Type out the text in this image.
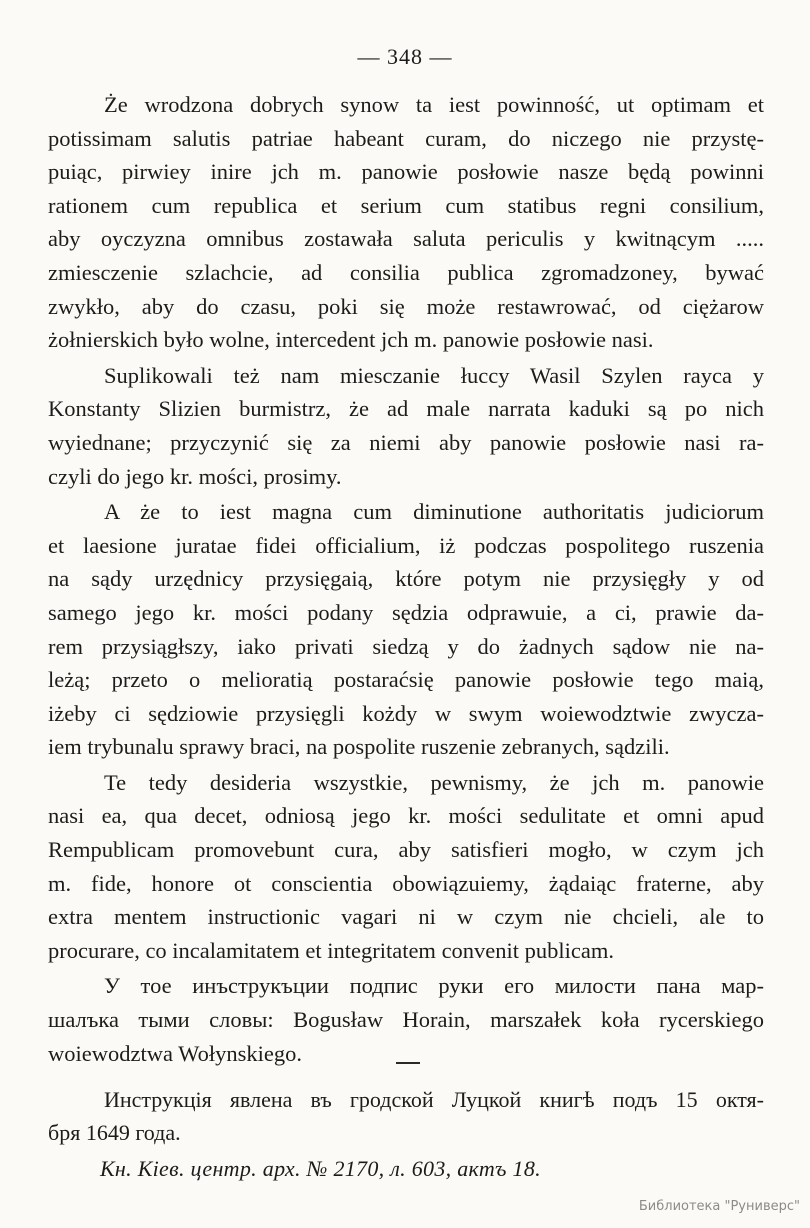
— 348 —
Że wrodzona dobrych synow ta iest powinność, ut optimam et
potissimam salutis patriae habeant curam, do niczego nie przystę-
puiąc, pirwiey inire jch m. panowie posłowie nasze będą powinni
rationem cum republica et serium cum statibus regni consilium,
aby oyczyzna omnibus zostawała saluta periculis y kwitnącym .....
zmiesczenie szlachcie, ad consilia publica zgromadzoney, bywać
zwykło, aby do czasu, poki się może restawrować, od ciężarow
żołnierskich było wolne, intercedent jch m. panowie posłowie nasi.
Suplikowali też nam miesczanie łuccy Wasil Szylen rayca y
Konstanty Slizien burmistrz, że ad male narrata kaduki są po nich
wyiednane; przyczynić się za niemi aby panowie posłowie nasi ra-
czyli do jego kr. mości, prosimy.
A że to iest magna cum diminutione authoritatis judiciorum
et laesione juratae fidei officialium, iż podczas pospolitego ruszenia
na sądy urzędnicy przysięgaią, które potym nie przysięgły y od
samego jego kr. mości podany sędzia odprawuie, a ci, prawie da-
rem przysiągłszy, iako privati siedzą y do żadnych sądow nie na-
leżą; przeto o melioratią postaraćsię panowie posłowie tego maią,
iżeby ci sędziowie przysięgli kożdy w swym woiewodztwie zwycza-
iem trybunalu sprawy braci, na pospolite ruszenie zebranych, sądzili.
Te tedy desideria wszystkie, pewnismy, że jch m. panowie
nasi ea, qua decet, odniosą jego kr. mości sedulitate et omni apud
Rempublicam promovebunt cura, aby satisfieri mogło, w czym jch
m. fide, honore ot conscientia obowiązuiemy, żądaiąc fraterne, aby
extra mentem instructionic vagari ni w czym nie chcieli, ale to
procurare, co incalamitatem et integritatem convenit publicam.
У тое инъструкъции подпис руки его милости пана мар-
шалъка тыми словы: Bogusław Horain, marszałek koła rycerskiego
woiewodztwa Wołynskiego.
Инструкція явлена въ гродской Луцкой книгѣ подъ 15 октя-
бря 1649 года.
Кн. Кіев. центр. арх. № 2170, л. 603, актъ 18.
Библиотека "Руниверс"
